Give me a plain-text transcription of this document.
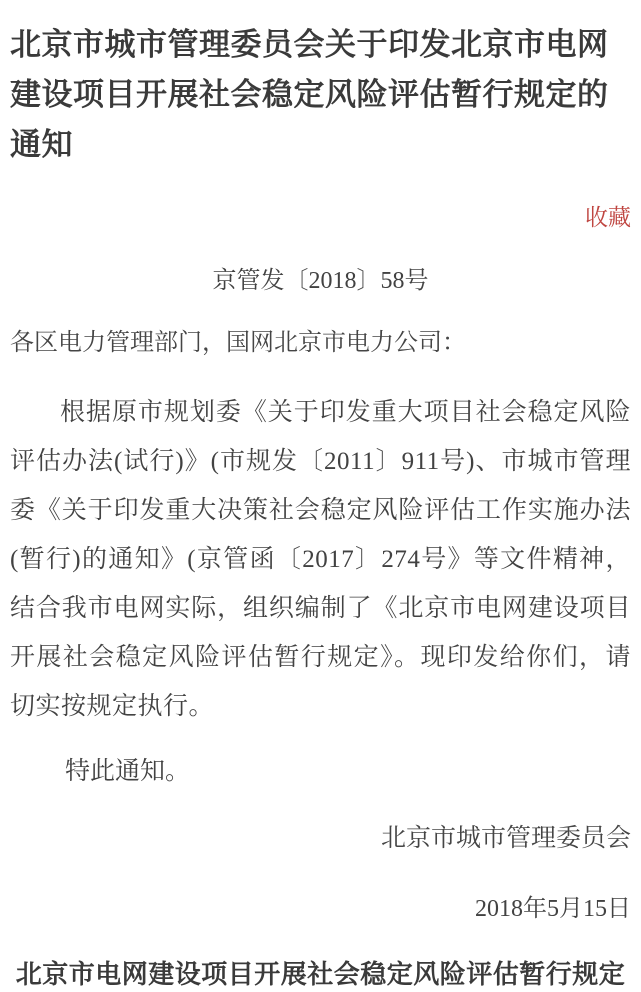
北京市城市管理委员会关于印发北京市电网建设项目开展社会稳定风险评估暂行规定的通知
收藏
京管发〔2018〕58号
各区电力管理部门，国网北京市电力公司：
根据原市规划委《关于印发重大项目社会稳定风险评估办法(试行)》(市规发〔2011〕911号)、市城市管理委《关于印发重大决策社会稳定风险评估工作实施办法(暂行)的通知》(京管函〔2017〕274号》等文件精神，结合我市电网实际，组织编制了《北京市电网建设项目开展社会稳定风险评估暂行规定》。现印发给你们，请切实按规定执行。
特此通知。
北京市城市管理委员会
2018年5月15日
北京市电网建设项目开展社会稳定风险评估暂行规定
